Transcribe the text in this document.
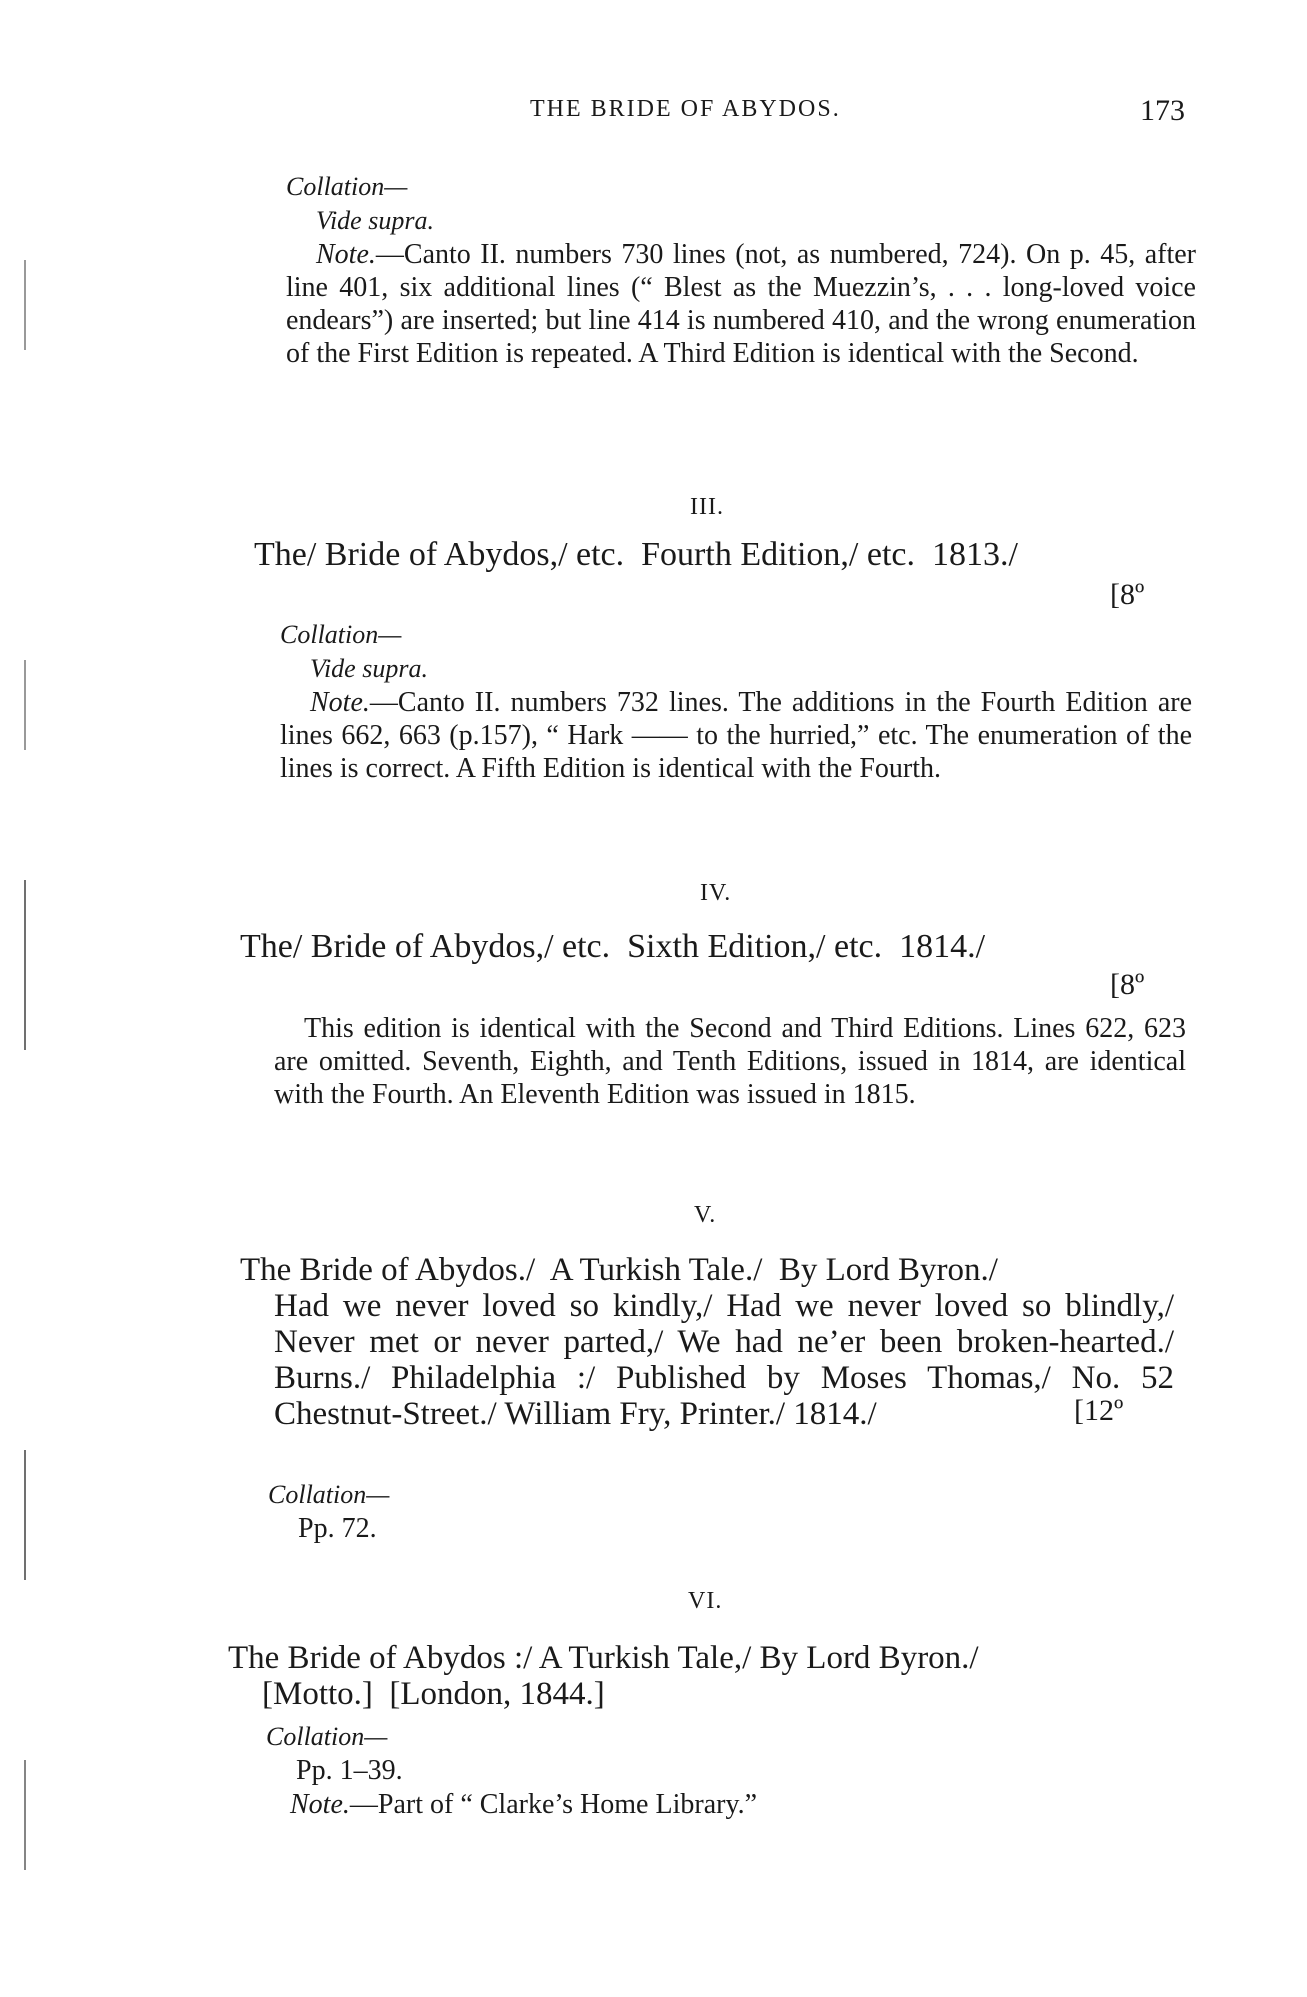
THE BRIDE OF ABYDOS.	173
Collation—
Vide supra.
Note.—Canto II. numbers 730 lines (not, as numbered, 724). On p. 45, after line 401, six additional lines (“ Blest as the Muezzin’s, . . . long-loved voice endears”) are inserted; but line 414 is numbered 410, and the wrong enumeration of the First Edition is repeated. A Third Edition is identical with the Second.
III.
The/ Bride of Abydos,/ etc.  Fourth Edition,/ etc.  1813./
[8º
Collation—
Vide supra.
Note.—Canto II. numbers 732 lines. The additions in the Fourth Edition are lines 662, 663 (p.157), “ Hark —— to the hurried,” etc. The enumeration of the lines is correct. A Fifth Edition is identical with the Fourth.
IV.
The/ Bride of Abydos,/ etc.  Sixth Edition,/ etc.  1814./
[8º
This edition is identical with the Second and Third Editions. Lines 622, 623 are omitted. Seventh, Eighth, and Tenth Editions, issued in 1814, are identical with the Fourth. An Eleventh Edition was issued in 1815.
V.
The Bride of Abydos./  A Turkish Tale./  By Lord Byron./
Had we never loved so kindly,/ Had we never loved so blindly,/ Never met or never parted,/ We had ne’er been broken-hearted./ Burns./ Philadelphia :/ Published by Moses Thomas,/ No. 52 Chestnut-Street./ William Fry, Printer./ 1814./	[12º
Collation—
Pp. 72.
VI.
The Bride of Abydos :/ A Turkish Tale,/ By Lord Byron./
[Motto.]  [London, 1844.]
Collation—
Pp. 1–39.
Note.—Part of “ Clarke’s Home Library.”
